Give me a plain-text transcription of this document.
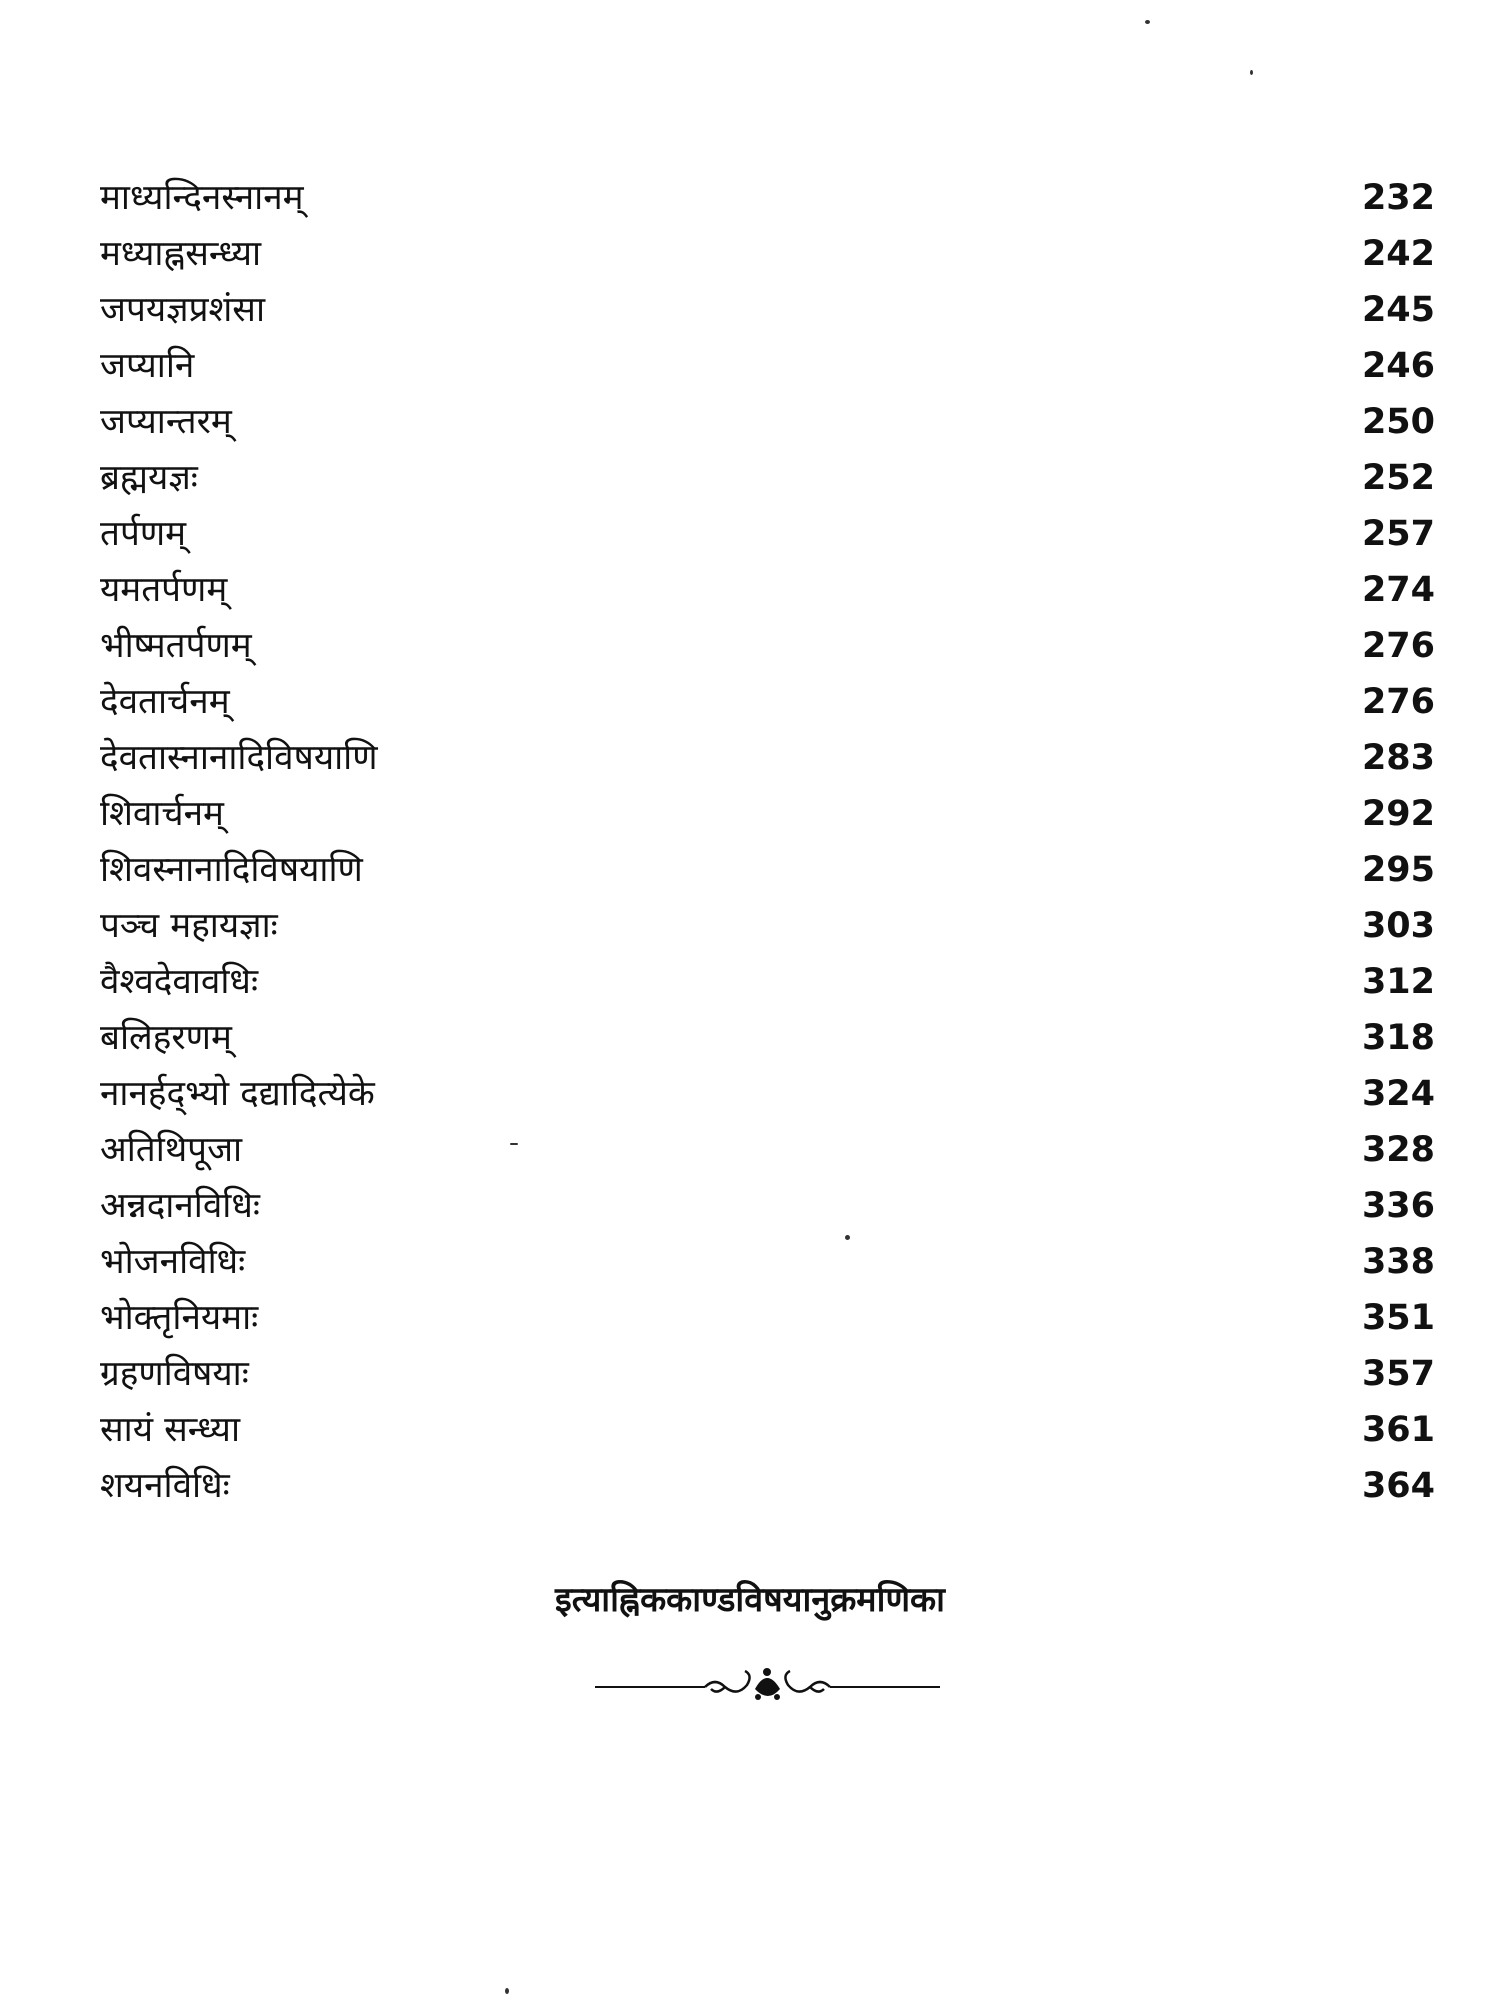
माध्यन्दिनस्नानम्	232
मध्याह्नसन्ध्या	242
जपयज्ञप्रशंसा	245
जप्यानि	246
जप्यान्तरम्	250
ब्रह्मयज्ञः	252
तर्पणम्	257
यमतर्पणम्	274
भीष्मतर्पणम्	276
देवतार्चनम्	276
देवतास्नानादिविषयाणि	283
शिवार्चनम्	292
शिवस्नानादिविषयाणि	295
पञ्च महायज्ञाः	303
वैश्वदेवावधिः	312
बलिहरणम्	318
नानर्हद्भ्यो दद्यादित्येके	324
अतिथिपूजा	328
अन्नदानविधिः	336
भोजनविधिः	338
भोक्तृनियमाः	351
ग्रहणविषयाः	357
सायं सन्ध्या	361
शयनविधिः	364
इत्याह्निककाण्डविषयानुक्रमणिका
